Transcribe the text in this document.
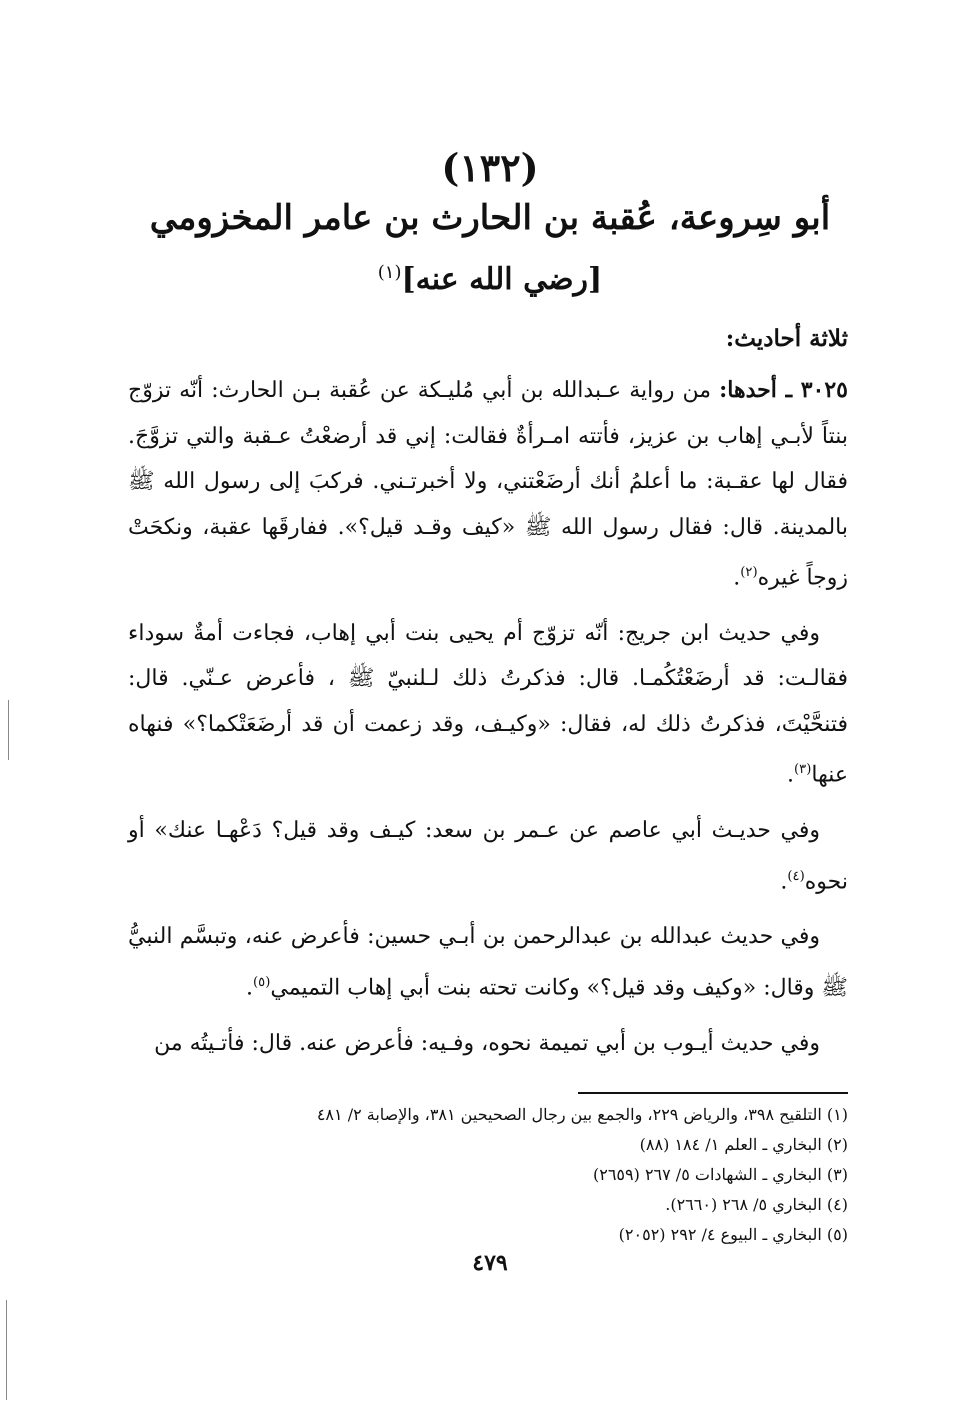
(١٣٢)
أبو سِروعة، عُقبة بن الحارث بن عامر المخزومي
[رضي الله عنه]$^{(١)}$
ثلاثة أحاديث:

٣٠٢٥ ـ أحدها: من رواية عـبدالله بن أبي مُليـكة عن عُقبة بـن الحارث: أنّه تزوّج بنتاً لأبـي إهاب بن عزيز، فأتته امـرأةٌ فقالت: إني قد أرضعْتُ عـقبة والتي تزوَّجَ. فقال لها عقـبة: ما أعلمُ أنك أرضَعْتني، ولا أخبرتـني. فركبَ إلى رسول الله ﷺ بالمدينة. قال: فقال رسول الله ﷺ «كيف وقـد قيل؟». ففارقَها عقبة، ونكحَتْ زوجاً غيره$^{(٢)}$.

وفي حديث ابن جريج: أنّه تزوّج أم يحيى بنت أبي إهاب، فجاءت أمةٌ سوداء فقالـت: قد أرضَعْتُكُمـا. قال: فذكرتُ ذلك لـلنبيّ ﷺ ، فأعرض عـنّي. قال: فتنحَّيْتَ، فذكرتُ ذلك له، فقال: «وكيـف، وقد زعمت أن قد أرضَعَتْكما؟» فنهاه عنها$^{(٣)}$.

وفي حديـث أبي عاصم عن عـمر بن سعد: كيـف وقد قيل؟ دَعْهـا عنك» أو نحوه$^{(٤)}$.

وفي حديث عبدالله بن عبدالرحمن بن أبـي حسين: فأعرض عنه، وتبسَّم النبيُّ ﷺ وقال: «وكيف وقد قيل؟» وكانت تحته بنت أبي إهاب التميمي$^{(٥)}$.

وفي حديث أيـوب بن أبي تميمة نحوه، وفـيه: فأعرض عنه. قال: فأتـيتُه من

(١) التلقيح ٣٩٨، والرياض ٢٢٩، والجمع بين رجال الصحيحين ٣٨١، والإصابة ٢/ ٤٨١
(٢) البخاري ـ العلم ١/ ١٨٤ (٨٨)
(٣) البخاري ـ الشهادات ٥/ ٢٦٧ (٢٦٥٩)
(٤) البخاري ٥/ ٢٦٨ (٢٦٦٠).
(٥) البخاري ـ البيوع ٤/ ٢٩٢ (٢٠٥٢)
٤٧٩
